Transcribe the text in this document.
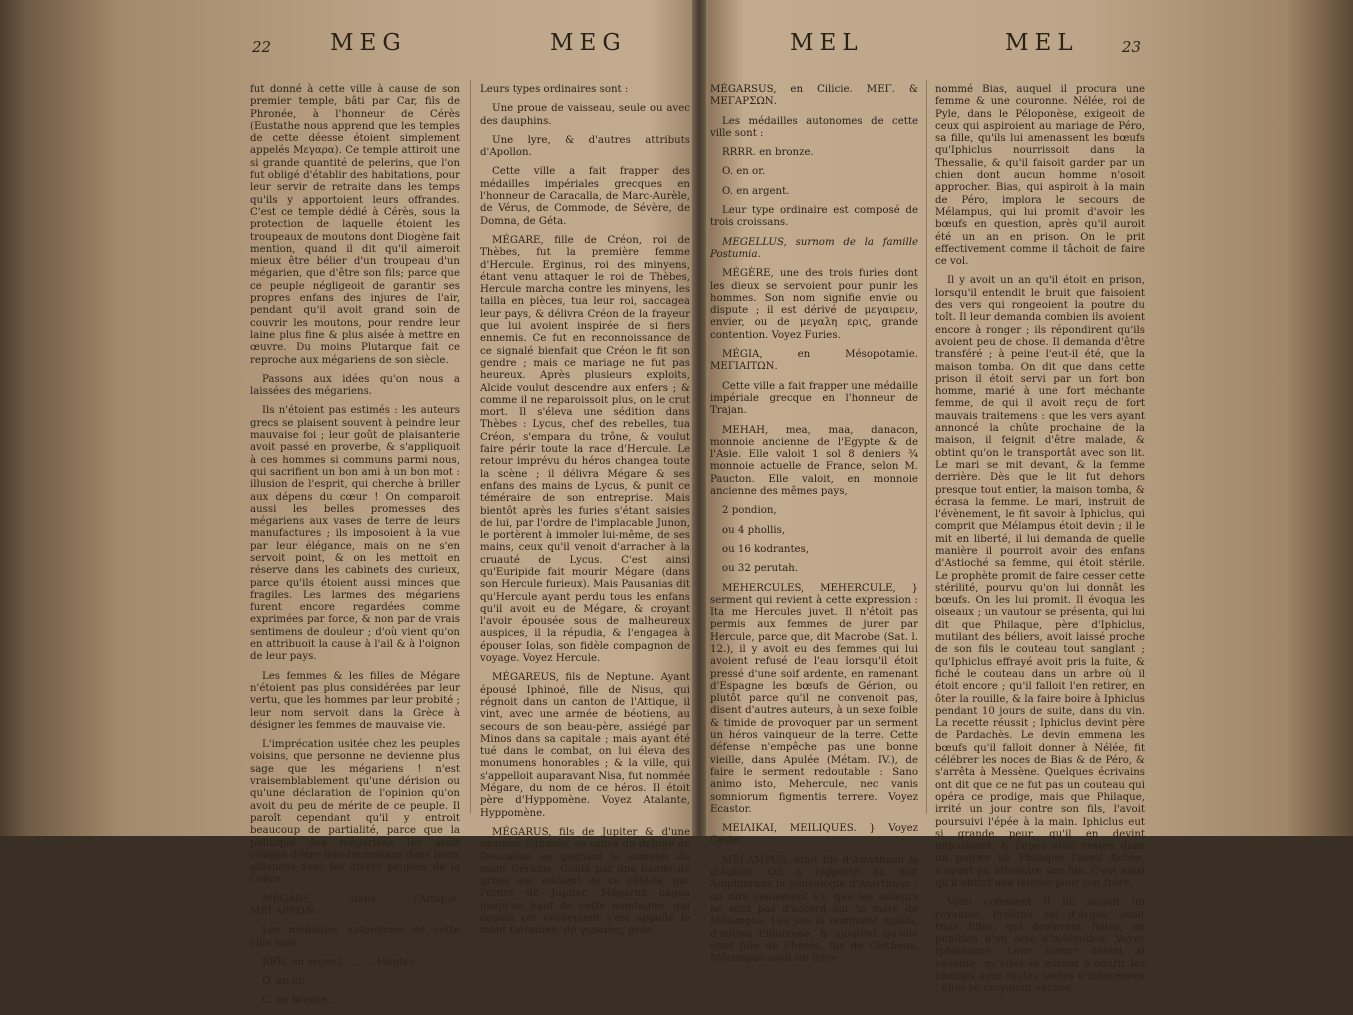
22	MEG	MEG

fut donné à cette ville à cause de son premier temple, bâti par Car, fils de Phronée, à l'honneur de Cérès (Eustathe nous apprend que les temples de cette déesse étoient simplement appelés Μεγαρα). Ce temple attiroit une si grande quantité de pelerins, que l'on fut obligé d'établir des habitations, pour leur servir de retraite dans les temps qu'ils y apportoient leurs offrandes. C'est ce temple dédié à Cérès, sous la protection de laquelle étoient les troupeaux de moutons dont Diogène fait mention, quand il dit qu'il aimeroit mieux être bélier d'un troupeau d'un mégarien, que d'être son fils; parce que ce peuple négligeoit de garantir ses propres enfans des injures de l'air, pendant qu'il avoit grand soin de couvrir les moutons, pour rendre leur laine plus fine & plus aisée à mettre en œuvre. Du moins Plutarque fait ce reproche aux mégariens de son siècle.

Passons aux idées qu'on nous a laissées des mégariens.

Ils n'étoient pas estimés : les auteurs grecs se plaisent souvent à peindre leur mauvaise foi ; leur goût de plaisanterie avoit passé en proverbe, & s'appliquoit à ces hommes si communs parmi nous, qui sacrifient un bon ami à un bon mot : illusion de l'esprit, qui cherche à briller aux dépens du cœur ! On comparoit aussi les belles promesses des mégariens aux vases de terre de leurs manufactures ; ils imposoient à la vue par leur élégance, mais on ne s'en servoit point, & on les mettoit en réserve dans les cabinets des curieux, parce qu'ils étoient aussi minces que fragiles. Les larmes des mégariens furent encore regardées comme exprimées par force, & non par de vrais sentimens de douleur ; d'où vient qu'on en attribuoit la cause à l'ail & à l'oignon de leur pays.

Les femmes & les filles de Mégare n'étoient pas plus considérées par leur vertu, que les hommes par leur probité ; leur nom servoit dans la Grèce à désigner les femmes de mauvaise vie.

L'imprécation usitée chez les peuples voisins, que personne ne devienne plus sage que les mégariens ! n'est vraisemblablement qu'une dérision ou qu'une déclaration de l'opinion qu'on avoit du peu de mérite de ce peuple. Il paroît cependant qu'il y entroit beaucoup de partialité, parce que la politique des mégariens les avoit obligés d'être très-inconstans dans leurs alliances avec les divers peuples de la Grèce.

MÉGARE, dans l'Attique. ΜΕΓΑΡΕΩΝ.

Les médailles autonomes de cette ville sont :

RRR. en argent.......... Hunter.

O. en or.

C. en bronze.

Leurs types ordinaires sont :

Une proue de vaisseau, seule ou avec des dauphins.

Une lyre, & d'autres attributs d'Apollon.

Cette ville a fait frapper des médailles impériales grecques en l'honneur de Caracalla, de Marc-Aurèle, de Vérus, de Commode, de Sévère, de Domna, de Géta.

MÉGARE, fille de Créon, roi de Thèbes, fut la première femme d'Hercule. Erginus, roi des minyens, étant venu attaquer le roi de Thèbes, Hercule marcha contre les minyens, les tailla en pièces, tua leur roi, saccagea leur pays, & délivra Créon de la frayeur que lui avoient inspirée de si fiers ennemis. Ce fut en reconnoissance de ce signalé bienfait que Créon le fit son gendre ; mais ce mariage ne fut pas heureux. Après plusieurs exploits, Alcide voulut descendre aux enfers ; & comme il ne reparoissoit plus, on le crut mort. Il s'éleva une sédition dans Thèbes : Lycus, chef des rebelles, tua Créon, s'empara du trône, & voulut faire périr toute la race d'Hercule. Le retour imprévu du héros changea toute la scène ; il délivra Mégare & ses enfans des mains de Lycus, & punit ce téméraire de son entreprise. Mais bientôt après les furies s'étant saisies de lui, par l'ordre de l'implacable Junon, le portèrent à immoler lui-même, de ses mains, ceux qu'il venoit d'arracher à la cruauté de Lycus. C'est ainsi qu'Euripide fait mourir Mégare (dans son Hercule furieux). Mais Pausanias dit qu'Hercule ayant perdu tous les enfans qu'il avoit eu de Mégare, & croyant l'avoir épousée sous de malheureux auspices, il la répudia, & l'engagea à épouser Iolas, son fidèle compagnon de voyage. Voyez Hercule.

MÉGAREUS, fils de Neptune. Ayant épousé Iphinoé, fille de Nisus, qui régnoit dans un canton de l'Attique, il vint, avec une armée de béotiens, au secours de son beau-père, assiégé par Minos dans sa capitale ; mais ayant été tué dans le combat, on lui éleva des monumens honorables ; & la ville, qui s'appelloit auparavant Nisa, fut nommée Mégare, du nom de ce héros. Il étoit père d'Hyppomène. Voyez Atalante, Hyppomène.

MÉGARUS, fils de Jupiter & d'une nymphe Sithnide, se sauva du deluge de Deucalion en gagnant le sommet du mont Géranie. Guidé par une bande de grues qui voloient de ce côté-là, par l'ordre de Jupiter, Mégarus nagea jusqu'au haut de cette montagne, qui depuis cet évènement s'est appellé le mont Géranien, de γερανος, grue.

MEL	MEL	23

MÉGARSUS, en Cilicie. ΜΕΓ. & ΜΕΓΑΡΣΩΝ.

Les médailles autonomes de cette ville sont :

RRRR. en bronze.

O. en or.

O. en argent.

Leur type ordinaire est composé de trois croissans.

MEGELLUS, surnom de la famille Postumia.

MÉGÈRE, une des trois furies dont les dieux se servoient pour punir les hommes. Son nom signifie envie ou dispute ; il est dérivé de μεγαιρειν, envier, ou de μεγαλη ερις, grande contention. Voyez Furies.

MÉGIA, en Mésopotamie. ΜΕΓΙΑΙΤΩΝ.

Cette ville a fait frapper une médaille impériale grecque en l'honneur de Trajan.

MEHAH, mea, maa, danacon, monnoie ancienne de l'Egypte & de l'Asie. Elle valoit 1 sol 8 deniers ¾ monnoie actuelle de France, selon M. Paucton. Elle valoit, en monnoie ancienne des mêmes pays,

2 pondion,

ou 4 phollis,

ou 16 kodrantes,

ou 32 perutah.

MEHERCULES, MEHERCULE, } serment qui revient à cette expression : Ita me Hercules juvet. Il n'étoit pas permis aux femmes de jurer par Hercule, parce que, dit Macrobe (Sat. l. 12.), il y avoit eu des femmes qui lui avoient refusé de l'eau lorsqu'il étoit pressé d'une soif ardente, en ramenant d'Espagne les bœufs de Gérion, ou plutôt parce qu'il ne convenoit pas, disent d'autres auteurs, à un sexe foible & timide de provoquer par un serment un héros vainqueur de la terre. Cette défense n'empêche pas une bonne vieille, dans Apulée (Métam. IV.), de faire le serment redoutable : Sano animo isto, Mehercule, nec vanis somniorum figmentis terrere. Voyez Ecastor.

MEIΛIKAI, MEILIQUES. } Voyez Ceste.

MÉLAMPUS, étoit fils d'Amythaon & d'Aglaïa. On a rapporté au mot Amphiaraus la généalogie d'Amythaon ; on dira seulement ici, que les auteurs ne sont pas d'accord sur la mère de Mélampus. Les uns la nomment Aglaïa, d'autres Eidomène, & ajoutent qu'elle étoit fille de Phérès, fils de Cléthéus. Mélampus avoit un frère

nommé Bias, auquel il procura une femme & une couronne. Nélée, roi de Pyle, dans le Péloponèse, exigeoit de ceux qui aspiroient au mariage de Péro, sa fille, qu'ils lui amenassent les bœufs qu'Iphiclus nourrissoit dans la Thessalie, & qu'il faisoit garder par un chien dont aucun homme n'osoit approcher. Bias, qui aspiroit à la main de Péro, implora le secours de Mélampus, qui lui promit d'avoir les bœufs en question, après qu'il auroit été un an en prison. On le prit effectivement comme il tâchoit de faire ce vol.

Il y avoit un an qu'il étoit en prison, lorsqu'il entendit le bruit que faisoient des vers qui rongeoient la poutre du toît. Il leur demanda combien ils avoient encore à ronger ; ils répondirent qu'ils avoient peu de chose. Il demanda d'être transféré ; à peine l'eut-il été, que la maison tomba. On dit que dans cette prison il étoit servi par un fort bon homme, marié à une fort méchante femme, de qui il avoit reçu de fort mauvais traitemens : que les vers ayant annoncé la chûte prochaine de la maison, il feignit d'être malade, & obtint qu'on le transportât avec son lit. Le mari se mit devant, & la femme derrière. Dès que le lit fut dehors presque tout entier, la maison tomba, & écrasa la femme. Le mari, instruit de l'évènement, le fit savoir à Iphiclus, qui comprit que Mélampus étoit devin ; il le mit en liberté, il lui demanda de quelle manière il pourroit avoir des enfans d'Astioché sa femme, qui étoit stérile. Le prophète promit de faire cesser cette stérilité, pourvu qu'on lui donnât les bœufs. On les lui promit. Il évoqua les oiseaux ; un vautour se présenta, qui lui dit que Philaque, père d'Iphiclus, mutilant des béliers, avoit laissé proche de son fils le couteau tout sanglant ; qu'Iphiclus effrayé avoit pris la fuite, & fiché le couteau dans un arbre où il étoit encore ; qu'il falloit l'en retirer, en ôter la rouille, & la faire boire à Iphiclus pendant 10 jours de suite, dans du vin. La recette réussit ; Iphiclus devint père de Pardachès. Le devin emmena les bœufs qu'il falloit donner à Nélée, fit célébrer les noces de Bias & de Péro, & s'arrêta à Messène. Quelques écrivains ont dit que ce ne fut pas un couteau qui opéra ce prodige, mais que Philaque, irrité un jour contre son fils, l'avoit poursuivi l'épée à la main. Iphiclus eut si grande peur, qu'il en devint impuissant, & l'épée étoit restée dans un poirier où Philaque l'avoit fichée, n'ayant pu atteindre son fils. C'est ainsi qu'il obtint une femme pour son frère.

Voici comment il lui acquit un royaume. Proëtus, roi d'Argos, avoit trois filles, qui devinrent folles, en punition d'un acte d'indévotion. Voyez Iphianasse. Leur fureur devint si violente, qu'elles se mirent à courir les champs avec toutes sortes d'indécences ; elles se croyoient vaches,
